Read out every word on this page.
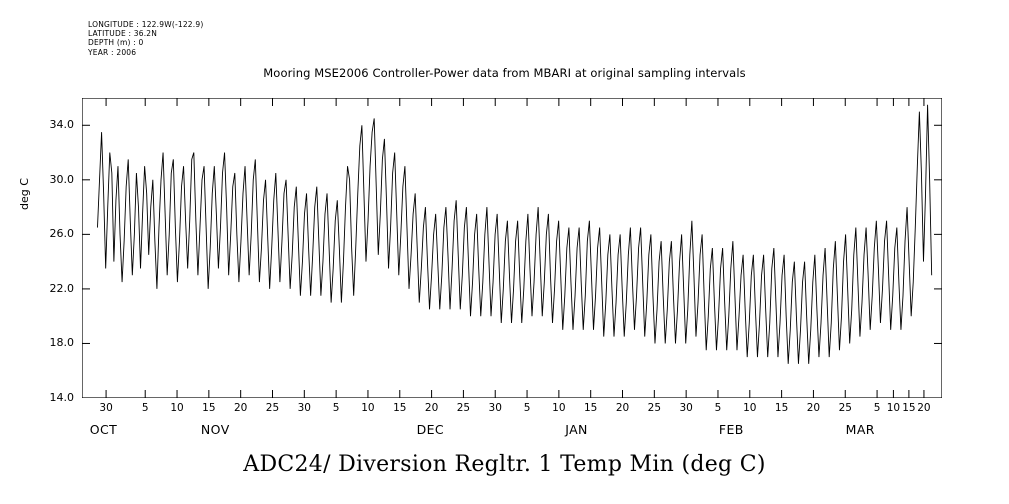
LONGITUDE : 122.9W(-122.9)
LATITUDE : 36.2N
DEPTH (m) : 0
YEAR : 2006
Mooring MSE2006 Controller-Power data from MBARI at original sampling intervals
deg C
14.0
18.0
22.0
26.0
30.0
34.0
30	5	10	15	20	25	30	5	10	15	20	25	30	5	10	15	20	25	30	5	10	15	20	25	5 10 15 20
OCT	NOV	DEC	JAN	FEB	MAR
ADC24/ Diversion Regltr. 1 Temp Min (deg C)
